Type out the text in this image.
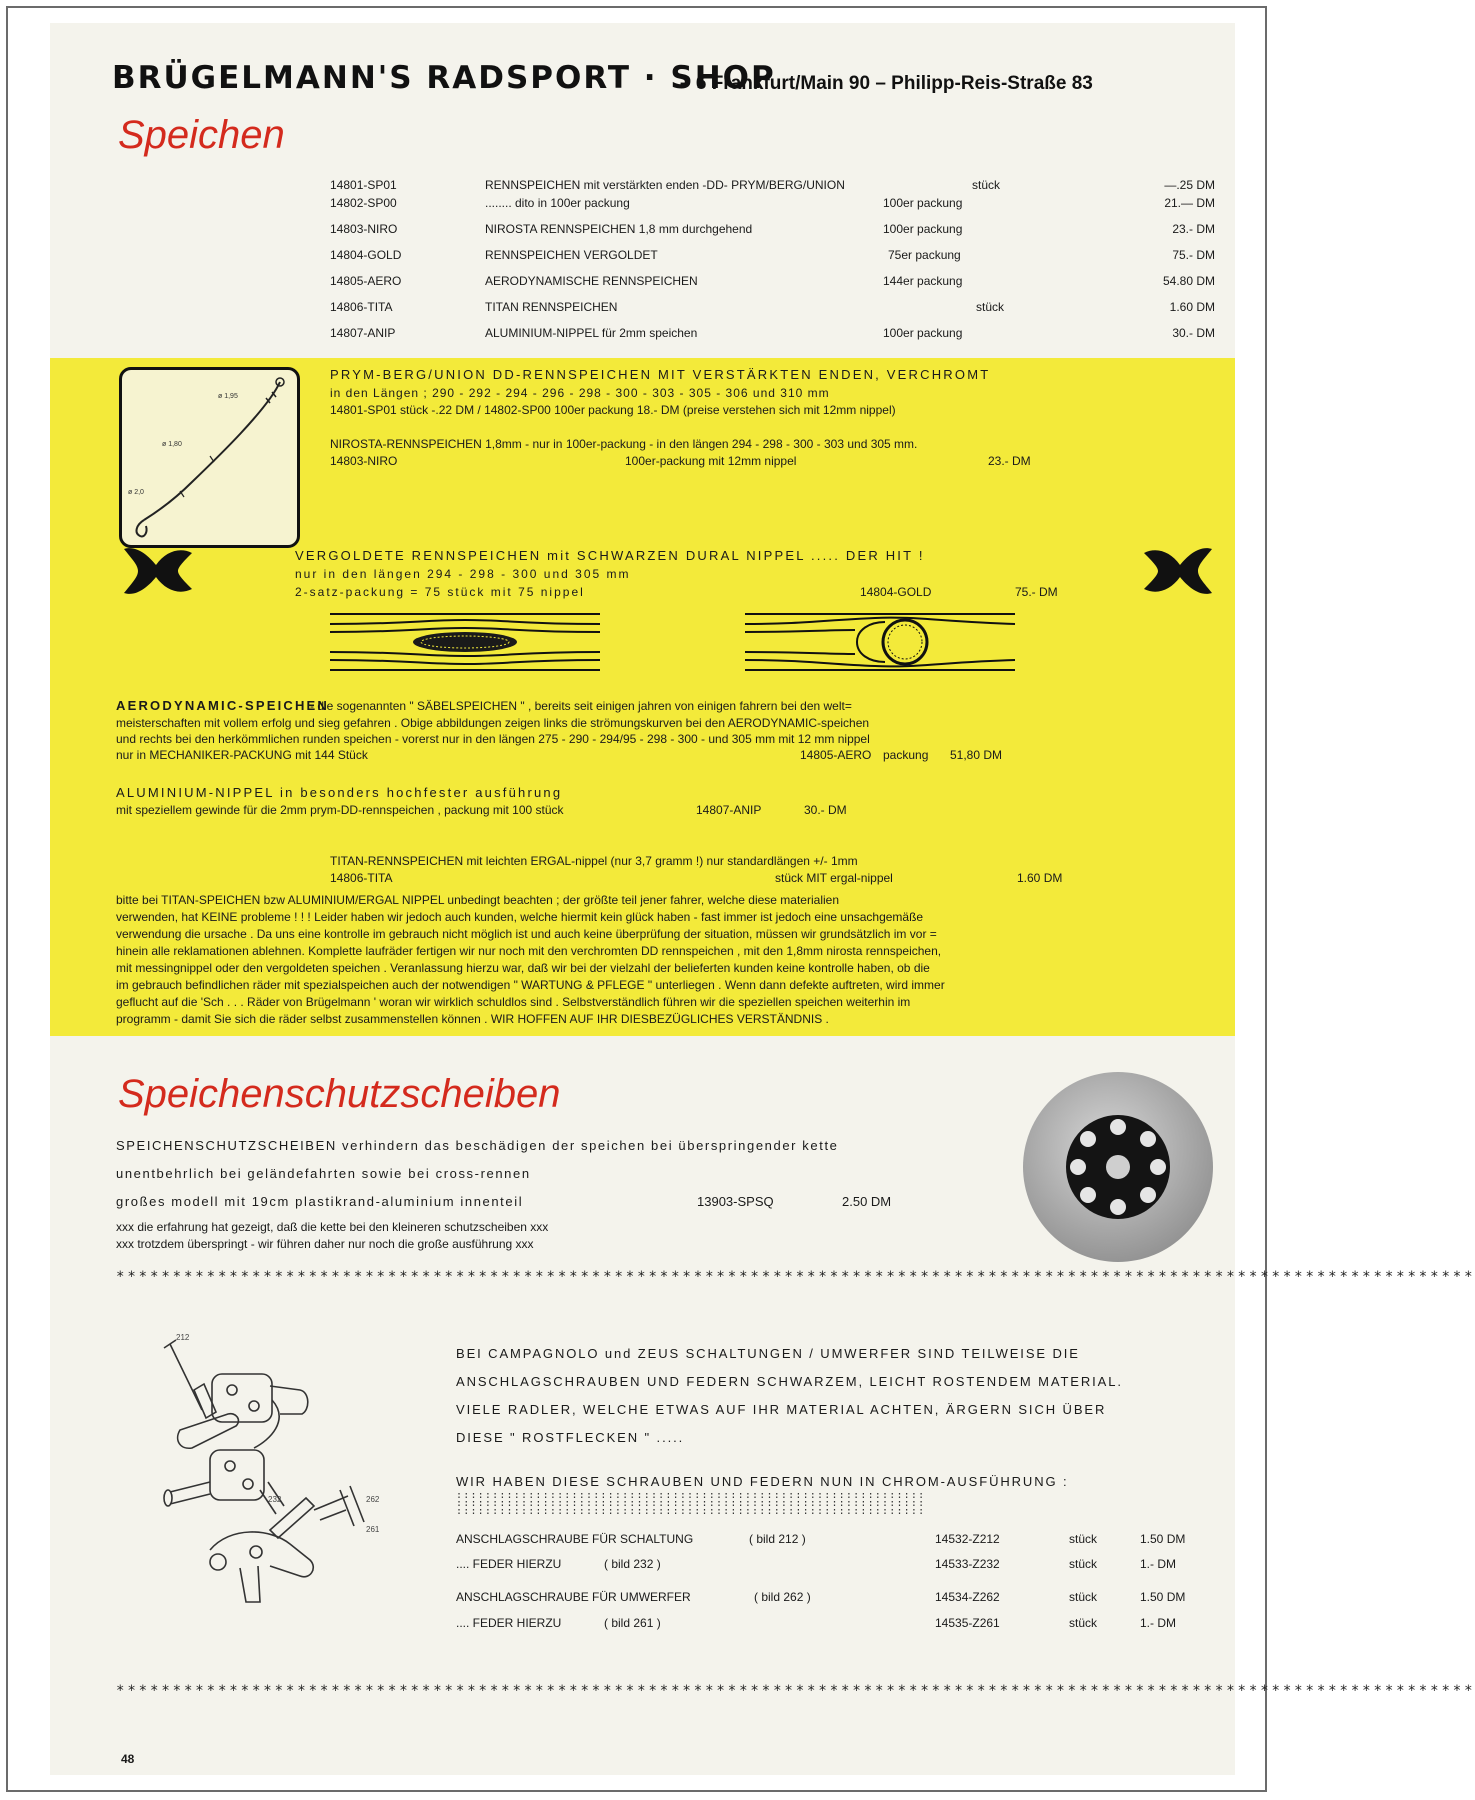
BRÜGELMANN'S RADSPORT · SHOP
– 6 Frankfurt/Main 90 – Philipp-Reis-Straße 83
Speichen
14801-SP01	RENNSPEICHEN mit verstärkten enden -DD- PRYM/BERG/UNION	stück	—.25 DM
14802-SP00	........ dito in 100er packung	100er packung	21.— DM
14803-NIRO	NIROSTA RENNSPEICHEN 1,8 mm durchgehend	100er packung	23.- DM
14804-GOLD	RENNSPEICHEN VERGOLDET	75er packung	75.- DM
14805-AERO	AERODYNAMISCHE RENNSPEICHEN	144er packung	54.80 DM
14806-TITA	TITAN RENNSPEICHEN	stück	1.60 DM
14807-ANIP	ALUMINIUM-NIPPEL für 2mm speichen	100er packung	30.- DM
ø 1,95
ø 1,80
ø 2,0
PRYM-BERG/UNION DD-RENNSPEICHEN MIT VERSTÄRKTEN ENDEN, VERCHROMT
in den Längen ; 290 - 292 - 294 - 296 - 298 - 300 - 303 - 305 - 306 und 310 mm
14801-SP01 stück -.22 DM / 14802-SP00 100er packung 18.- DM (preise verstehen sich mit 12mm nippel)
NIROSTA-RENNSPEICHEN 1,8mm - nur in 100er-packung - in den längen 294 - 298 - 300 - 303 und 305 mm.
14803-NIRO	100er-packung mit 12mm nippel	23.- DM
VERGOLDETE RENNSPEICHEN mit SCHWARZEN DURAL NIPPEL ..... DER HIT !
nur in den längen 294 - 298 - 300 und 305 mm
2-satz-packung = 75 stück mit 75 nippel	14804-GOLD	75.- DM
AERODYNAMIC-SPEICHEN
- die sogenannten " SÄBELSPEICHEN " , bereits seit einigen jahren von einigen fahrern bei den welt=
meisterschaften mit vollem erfolg und sieg gefahren . Obige abbildungen zeigen links die strömungskurven bei den AERODYNAMIC-speichen
und rechts bei den herkömmlichen runden speichen - vorerst nur in den längen 275 - 290 - 294/95 - 298 - 300 - und 305 mm mit 12 mm nippel
nur in MECHANIKER-PACKUNG mit 144 Stück	14805-AERO packung 51,80 DM
ALUMINIUM-NIPPEL in besonders hochfester ausführung
mit speziellem gewinde für die 2mm prym-DD-rennspeichen , packung mit 100 stück	14807-ANIP	30.- DM
TITAN-RENNSPEICHEN mit leichten ERGAL-nippel (nur 3,7 gramm !) nur standardlängen +/- 1mm
14806-TITA	stück MIT ergal-nippel	1.60 DM
bitte bei TITAN-SPEICHEN bzw ALUMINIUM/ERGAL NIPPEL unbedingt beachten ; der größte teil jener fahrer, welche diese materialien
verwenden, hat KEINE probleme ! ! ! Leider haben wir jedoch auch kunden, welche hiermit kein glück haben - fast immer ist jedoch eine unsachgemäße
verwendung die ursache . Da uns eine kontrolle im gebrauch nicht möglich ist und auch keine überprüfung der situation, müssen wir grundsätzlich im vor =
hinein alle reklamationen ablehnen. Komplette laufräder fertigen wir nur noch mit den verchromten DD rennspeichen , mit den 1,8mm nirosta rennspeichen,
mit messingnippel oder den vergoldeten speichen . Veranlassung hierzu war, daß wir bei der vielzahl der belieferten kunden keine kontrolle haben, ob die
im gebrauch befindlichen räder mit spezialspeichen auch der notwendigen " WARTUNG & PFLEGE " unterliegen . Wenn dann defekte auftreten, wird immer
geflucht auf die 'Sch . . . Räder von Brügelmann ' woran wir wirklich schuldlos sind . Selbstverständlich führen wir die speziellen speichen weiterhin im
programm - damit Sie sich die räder selbst zusammenstellen können . WIR HOFFEN AUF IHR DIESBEZÜGLICHES VERSTÄNDNIS .
Speichenschutzscheiben
SPEICHENSCHUTZSCHEIBEN verhindern das beschädigen der speichen bei überspringender kette
unentbehrlich bei geländefahrten sowie bei cross-rennen
großes modell mit 19cm plastikrand-aluminium innenteil	13903-SPSQ	2.50 DM
xxx die erfahrung hat gezeigt, daß die kette bei den kleineren schutzscheiben xxx
xxx trotzdem überspringt - wir führen daher nur noch die große ausführung xxx
************************************************************************************************************************
212
232	262
261
BEI CAMPAGNOLO und ZEUS SCHALTUNGEN / UMWERFER SIND TEILWEISE DIE
ANSCHLAGSCHRAUBEN UND FEDERN SCHWARZEM, LEICHT ROSTENDEM MATERIAL.
VIELE RADLER, WELCHE ETWAS AUF IHR MATERIAL ACHTEN, ÄRGERN SICH ÜBER
DIESE " ROSTFLECKEN " .....
WIR HABEN DIESE SCHRAUBEN UND FEDERN NUN IN CHROM-AUSFÜHRUNG :
:::::::::::::::::::::::::::::::::::::::::::::::::::::::::::::::::
:::::::::::::::::::::::::::::::::::::::::::::::::::::::::::::::::
:::::::::::::::::::::::::::::::::::::::::::::::::::::::::::::::::
ANSCHLAGSCHRAUBE FÜR SCHALTUNG	( bild 212 )	14532-Z212	stück	1.50 DM
.... FEDER HIERZU	( bild 232 )	14533-Z232	stück	1.- DM
ANSCHLAGSCHRAUBE FÜR UMWERFER	( bild 262 )	14534-Z262	stück	1.50 DM
.... FEDER HIERZU	( bild 261 )	14535-Z261	stück	1.- DM
************************************************************************************************************************
48
